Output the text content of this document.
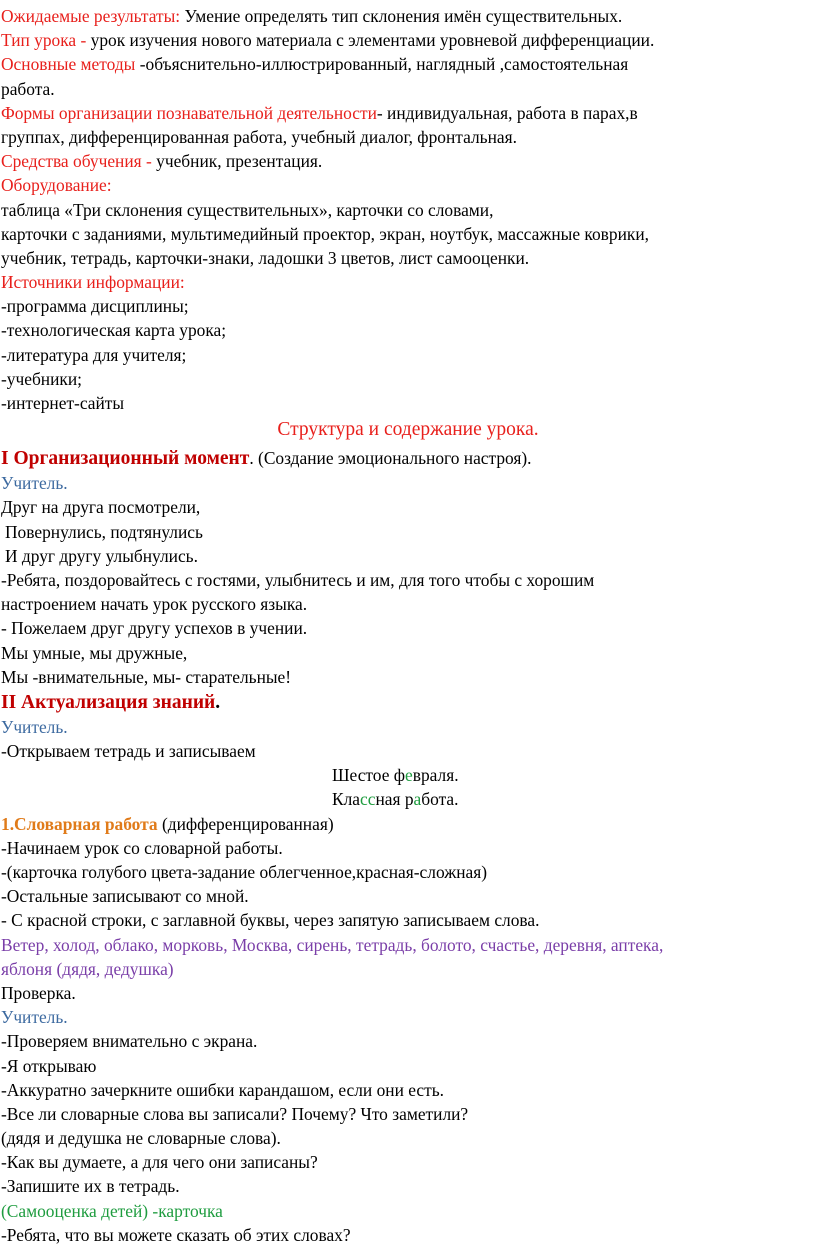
Ожидаемые результаты: Умение определять тип склонения имён существительных.
Тип урока - урок изучения нового материала с элементами уровневой дифференциации.
Основные методы -объяснительно-иллюстрированный, наглядный ,самостоятельная
работа.
Формы организации познавательной деятельности- индивидуальная, работа в парах,в
группах, дифференцированная работа, учебный диалог, фронтальная.
Средства обучения - учебник, презентация.
Оборудование:
таблица «Три склонения существительных», карточки со словами,
карточки с заданиями, мультимедийный проектор, экран, ноутбук, массажные коврики,
учебник, тетрадь, карточки-знаки, ладошки 3 цветов, лист самооценки.
Источники информации:
-программа дисциплины;
-технологическая карта урока;
-литература для учителя;
-учебники;
-интернет-сайты
Структура и содержание урока.
I Организационный момент. (Создание эмоционального настроя).
Учитель.
Друг на друга посмотрели,
Повернулись, подтянулись
И друг другу улыбнулись.
-Ребята, поздоровайтесь с гостями, улыбнитесь и им, для того чтобы с хорошим
настроением начать урок русского языка.
- Пожелаем друг другу успехов в учении.
Мы умные, мы дружные,
Мы -внимательные, мы- старательные!
II Актуализация знаний.
Учитель.
-Открываем тетрадь и записываем
Шестое февраля.
Классная работа.
1.Словарная работа (дифференцированная)
-Начинаем урок со словарной работы.
-(карточка голубого цвета-задание облегченное,красная-сложная)
-Остальные записывают со мной.
- С красной строки, с заглавной буквы, через запятую записываем слова.
Ветер, холод, облако, морковь, Москва, сирень, тетрадь, болото, счастье, деревня, аптека,
яблоня (дядя, дедушка)
Проверка.
Учитель.
-Проверяем внимательно с экрана.
-Я открываю
-Аккуратно зачеркните ошибки карандашом, если они есть.
-Все ли словарные слова вы записали? Почему? Что заметили?
(дядя и дедушка не словарные слова).
-Как вы думаете, а для чего они записаны?
-Запишите их в тетрадь.
(Самооценка детей) -карточка
-Ребята, что вы можете сказать об этих словах?
